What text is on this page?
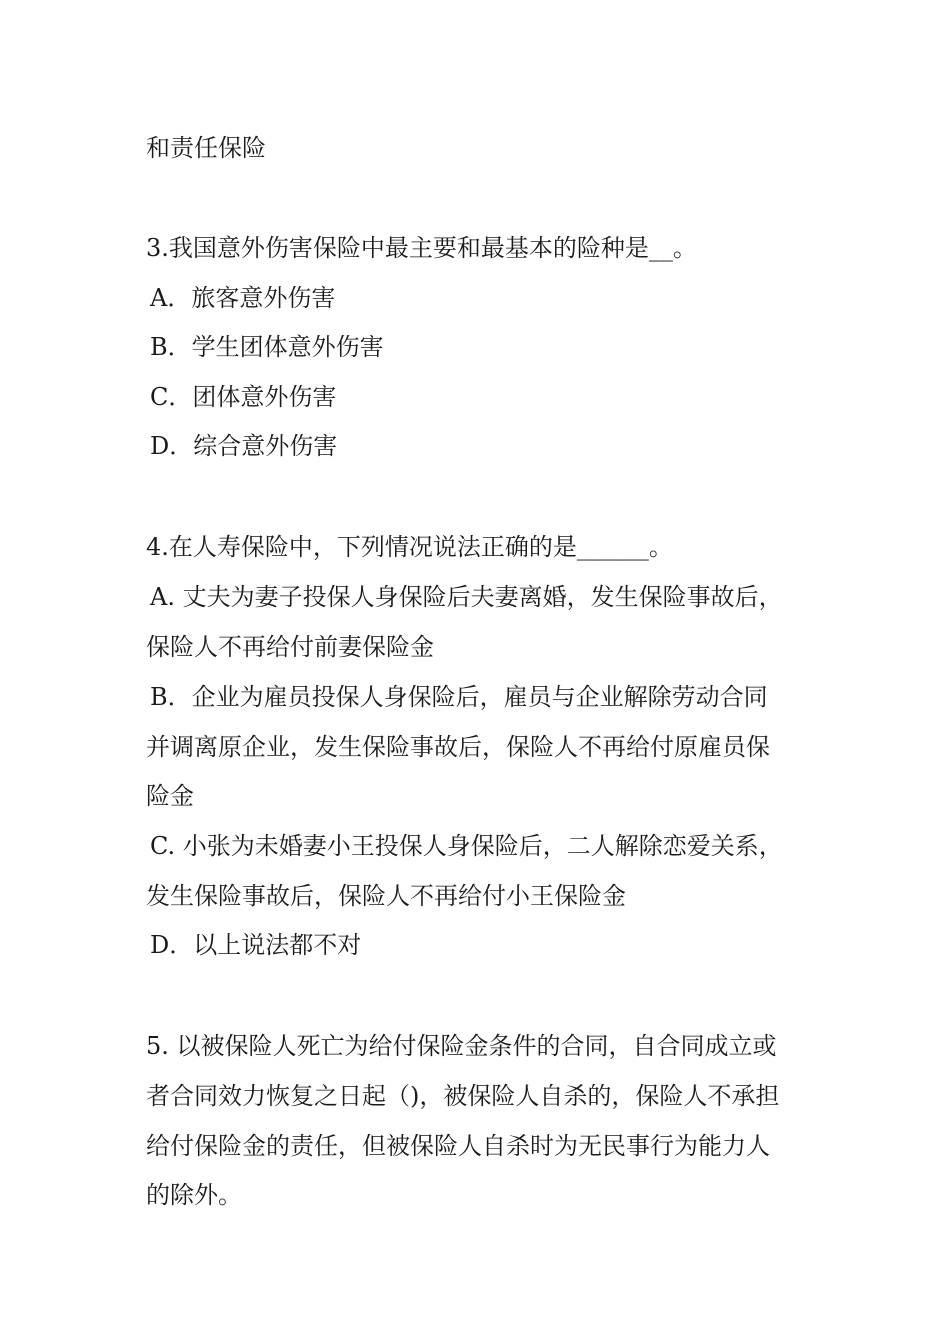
和责任保险
3.我国意外伤害保险中最主要和最基本的险种是__。
A．旅客意外伤害
B．学生团体意外伤害
C．团体意外伤害
D．综合意外伤害
4.在人寿保险中，下列情况说法正确的是______。
A. 丈夫为妻子投保人身保险后夫妻离婚，发生保险事故后，
保险人不再给付前妻保险金
B．企业为雇员投保人身保险后，雇员与企业解除劳动合同
并调离原企业，发生保险事故后，保险人不再给付原雇员保
险金
C. 小张为未婚妻小王投保人身保险后，二人解除恋爱关系，
发生保险事故后，保险人不再给付小王保险金
D．以上说法都不对
5. 以被保险人死亡为给付保险金条件的合同，自合同成立或
者合同效力恢复之日起（)，被保险人自杀的，保险人不承担
给付保险金的责任，但被保险人自杀时为无民事行为能力人
的除外。
